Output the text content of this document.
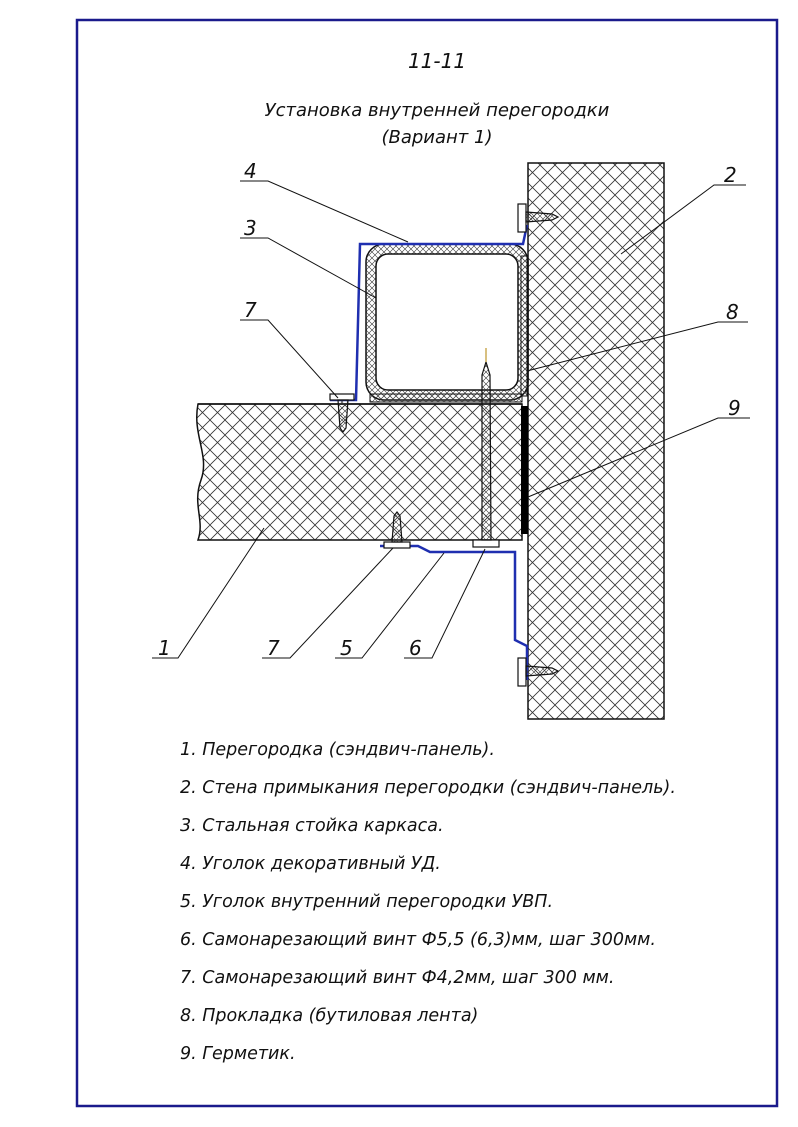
11-11
Установка внутренней перегородки
(Вариант 1)
4
3
7
2
8
9
1	7	5	6
1. Перегородка (сэндвич-панель).
2. Стена примыкания перегородки (сэндвич-панель).
3. Стальная стойка каркаса.
4. Уголок декоративный УД.
5. Уголок внутренний перегородки УВП.
6. Самонарезающий винт Ф5,5 (6,3)мм, шаг 300мм.
7. Самонарезающий винт Ф4,2мм, шаг 300 мм.
8. Прокладка (бутиловая лента)
9. Герметик.
